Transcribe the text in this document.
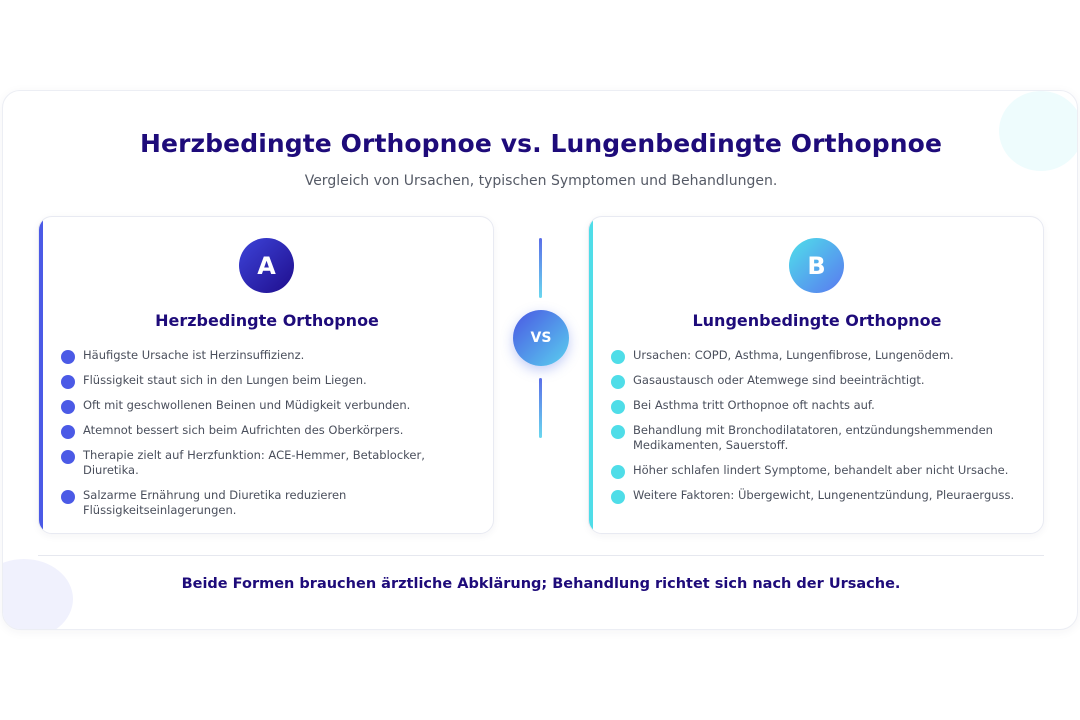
Herzbedingte Orthopnoe vs. Lungenbedingte Orthopnoe

Vergleich von Ursachen, typischen Symptomen und Behandlungen.

A
Herzbedingte Orthopnoe
Häufigste Ursache ist Herzinsuffizienz.
Flüssigkeit staut sich in den Lungen beim Liegen.
Oft mit geschwollenen Beinen und Müdigkeit verbunden.
Atemnot bessert sich beim Aufrichten des Oberkörpers.
Therapie zielt auf Herzfunktion: ACE-Hemmer, Betablocker, Diuretika.
Salzarme Ernährung und Diuretika reduzieren Flüssigkeitseinlagerungen.
VS
B
Lungenbedingte Orthopnoe
Ursachen: COPD, Asthma, Lungenfibrose, Lungenödem.
Gasaustausch oder Atemwege sind beeinträchtigt.
Bei Asthma tritt Orthopnoe oft nachts auf.
Behandlung mit Bronchodilatatoren, entzündungshemmenden Medikamenten, Sauerstoff.
Höher schlafen lindert Symptome, behandelt aber nicht Ursache.
Weitere Faktoren: Übergewicht, Lungenentzündung, Pleuraerguss.

Beide Formen brauchen ärztliche Abklärung; Behandlung richtet sich nach der Ursache.
